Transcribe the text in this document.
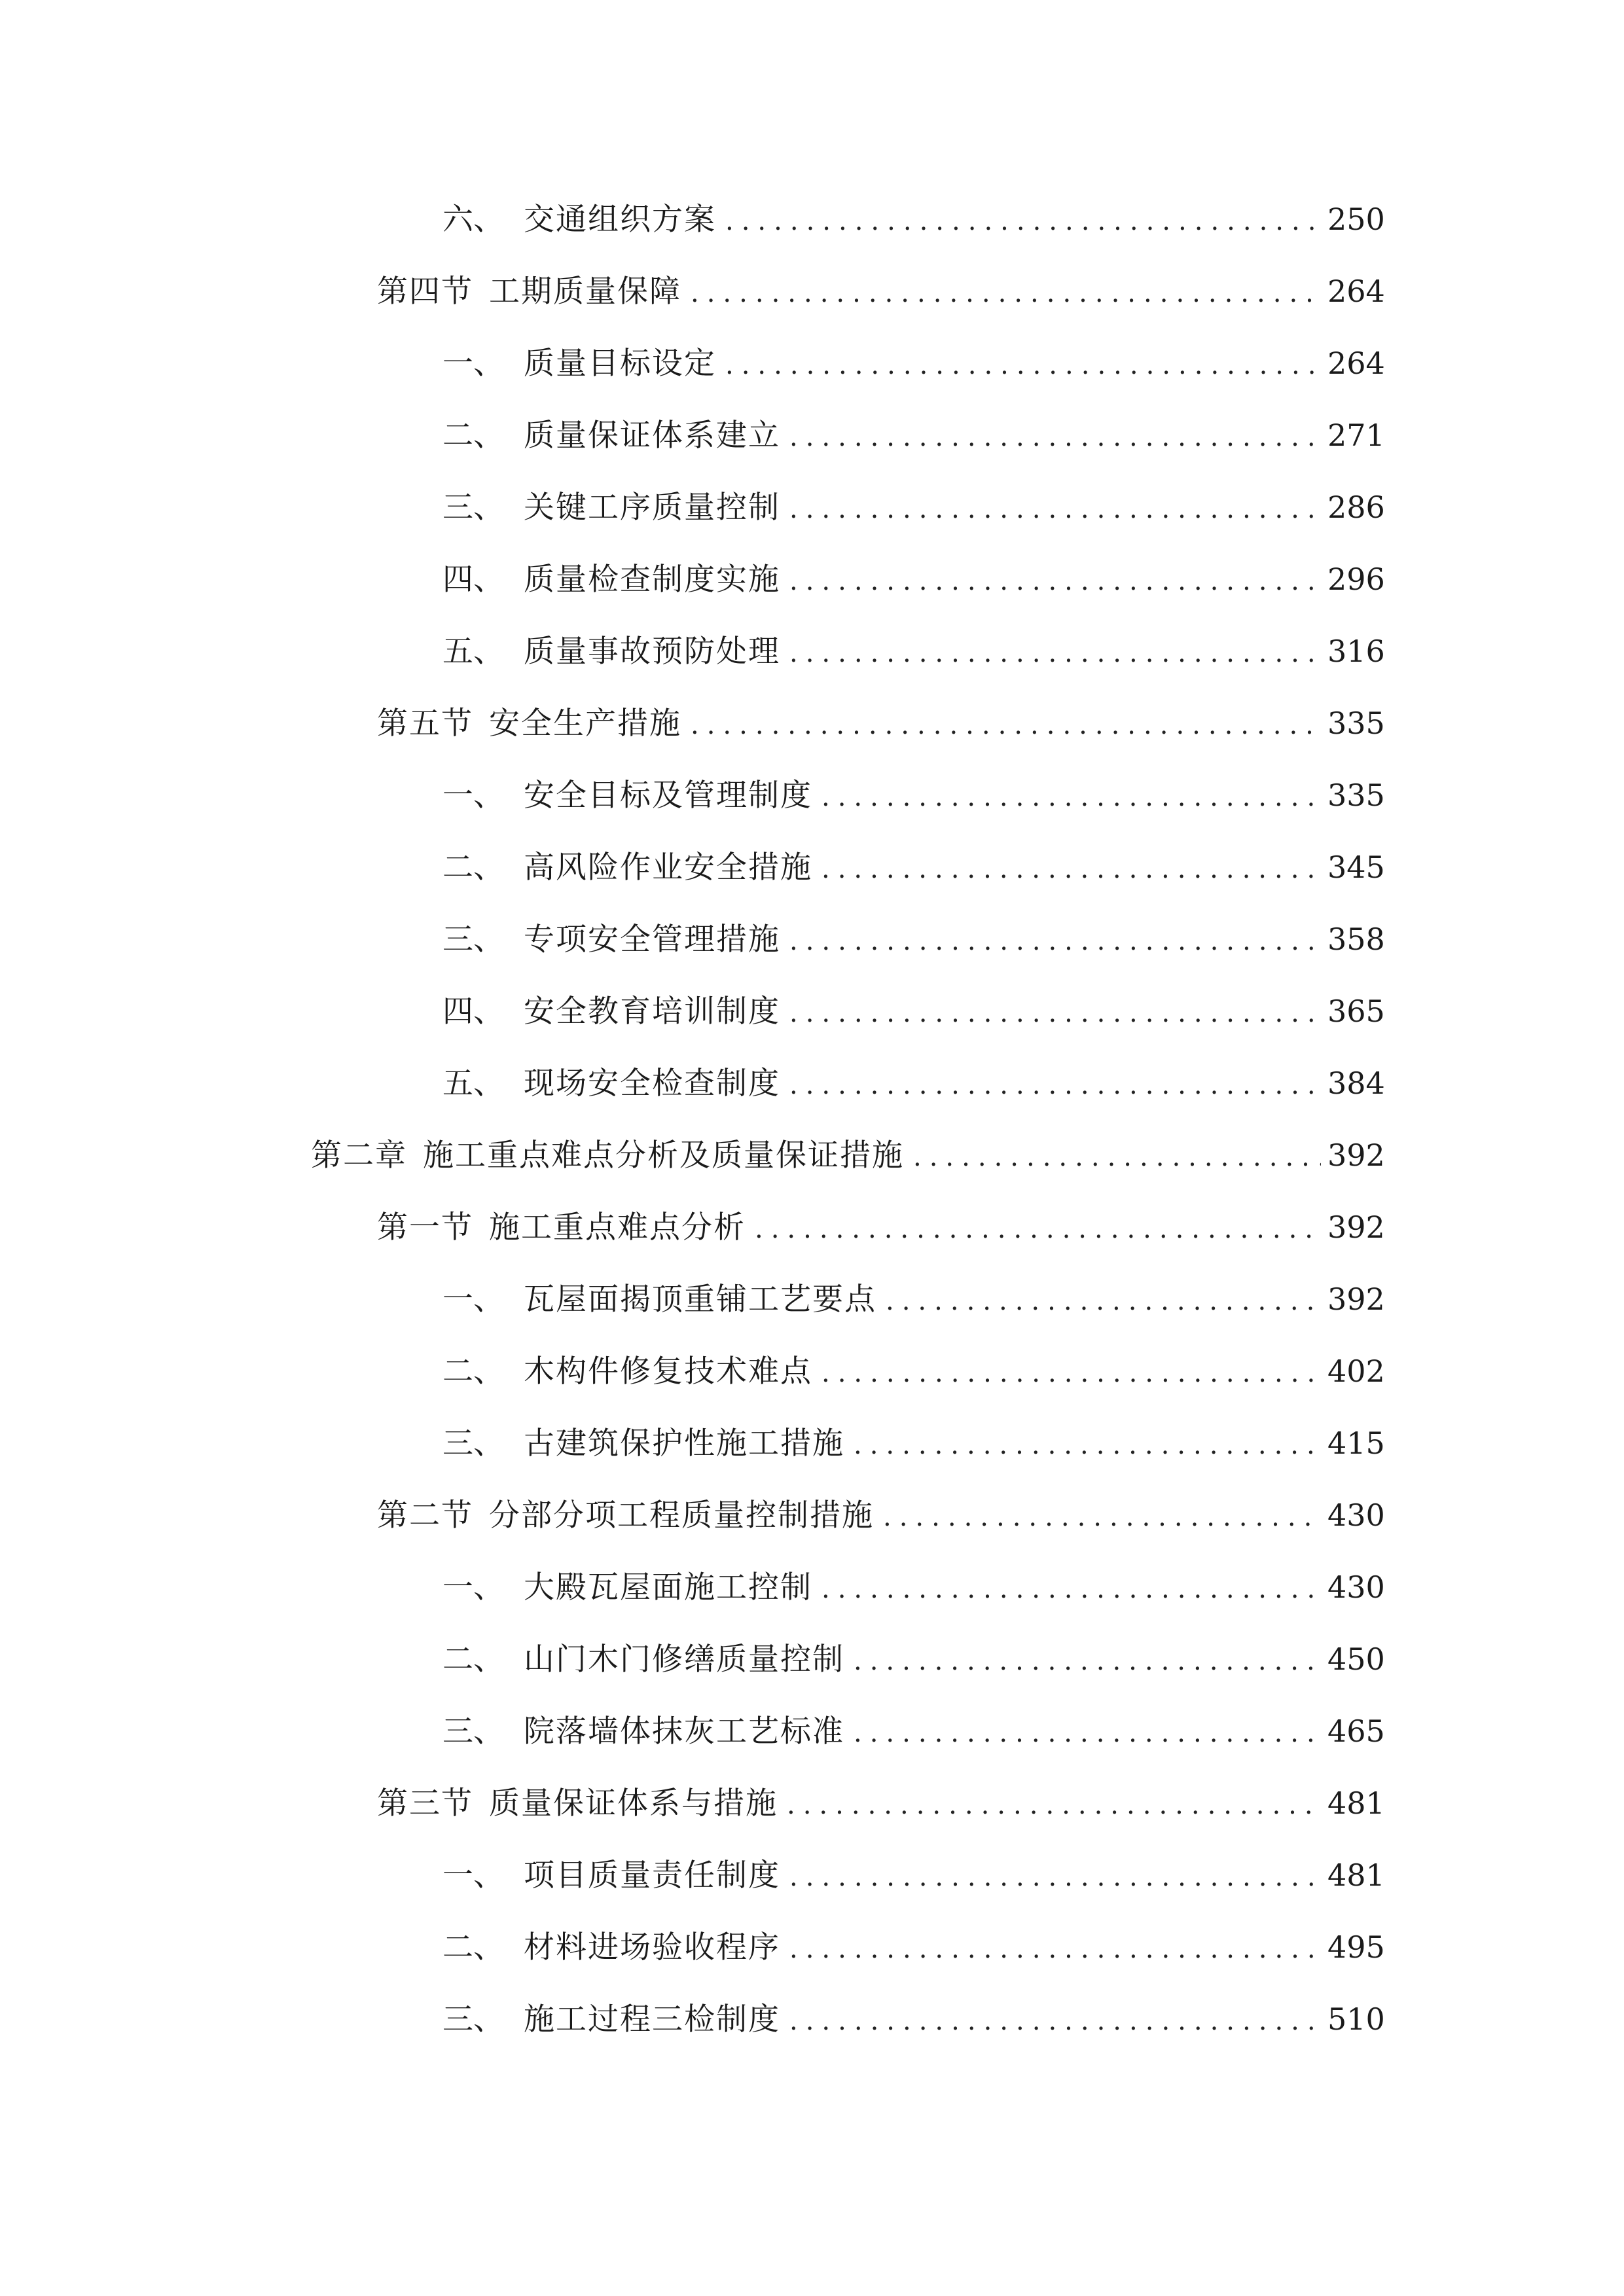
六、 交通组织方案 .....	250
第四节 工期质量保障 .....	264
一、 质量目标设定 .....	264
二、 质量保证体系建立 .....	271
三、 关键工序质量控制 .....	286
四、 质量检查制度实施 .....	296
五、 质量事故预防处理 .....	316
第五节 安全生产措施 .....	335
一、 安全目标及管理制度 .....	335
二、 高风险作业安全措施 .....	345
三、 专项安全管理措施 .....	358
四、 安全教育培训制度 .....	365
五、 现场安全检查制度 .....	384
第二章 施工重点难点分析及质量保证措施 .....	392
第一节 施工重点难点分析 .....	392
一、 瓦屋面揭顶重铺工艺要点 .....	392
二、 木构件修复技术难点 .....	402
三、 古建筑保护性施工措施 .....	415
第二节 分部分项工程质量控制措施 .....	430
一、 大殿瓦屋面施工控制 .....	430
二、 山门木门修缮质量控制 .....	450
三、 院落墙体抹灰工艺标准 .....	465
第三节 质量保证体系与措施 .....	481
一、 项目质量责任制度 .....	481
二、 材料进场验收程序 .....	495
三、 施工过程三检制度 .....	510
